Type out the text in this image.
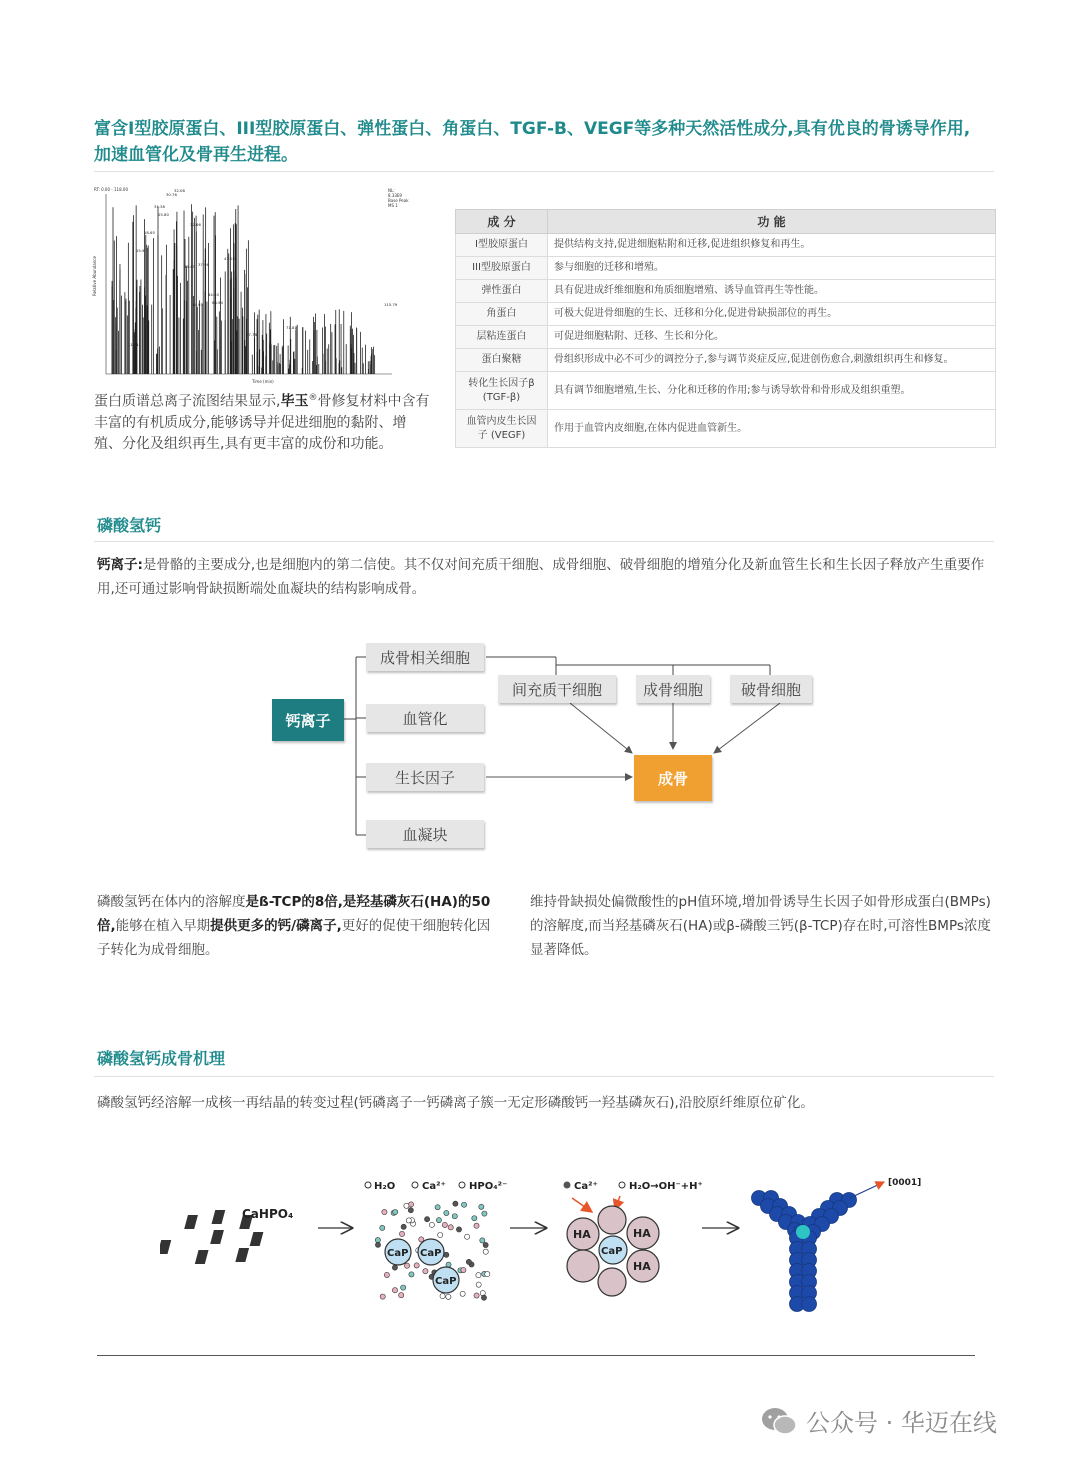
富含Ⅰ型胶原蛋白、III型胶原蛋白、弹性蛋白、角蛋白、TGF-B、VEGF等多种天然活性成分,具有优良的骨诱导作用,
加速血管化及骨再生进程。
RT: 0.00 - 118.00
Relative Abundance
Time (min)
NL:
8.33E9
Base Peak
MS 1
30.76
32.08
31.38
25.80
18.65
15.97
32.66
37.96
35.45
44.40
47.03
68.94
71.87
115.79
34.93
57.78
11.31
蛋白质谱总离子流图结果显示,毕玉®骨修复材料中含有丰富的有机质成分,能够诱导并促进细胞的黏附、增殖、分化及组织再生,具有更丰富的成份和功能。
成 分	功 能
Ⅰ型胶原蛋白	提供结构支持,促进细胞粘附和迁移,促进组织修复和再生。
III型胶原蛋白	参与细胞的迁移和增殖。
弹性蛋白	具有促进成纤维细胞和角质细胞增殖、诱导血管再生等性能。
角蛋白	可极大促进骨细胞的生长、迁移和分化,促进骨缺损部位的再生。
层粘连蛋白	可促进细胞粘附、迁移、生长和分化。
蛋白聚糖	骨组织形成中必不可少的调控分子,参与调节炎症反应,促进创伤愈合,刺激组织再生和修复。
转化生长因子β (TGF-β)	具有调节细胞增殖,生长、分化和迁移的作用;参与诱导软骨和骨形成及组织重塑。
血管内皮生长因子 (VEGF)	作用于血管内皮细胞,在体内促进血管新生。
磷酸氢钙
钙离子:是骨骼的主要成分,也是细胞内的第二信使。其不仅对间充质干细胞、成骨细胞、破骨细胞的增殖分化及新血管生长和生长因子释放产生重要作用,还可通过影响骨缺损断端处血凝块的结构影响成骨。
钙离子
成骨相关细胞
血管化
生长因子
血凝块
间充质干细胞	成骨细胞	破骨细胞
成骨
磷酸氢钙在体内的溶解度是ß-TCP的8倍,是羟基磷灰石(HA)的50倍,能够在植入早期提供更多的钙/磷离子,更好的促使干细胞转化因子转化为成骨细胞。
维持骨缺损处偏微酸性的pH值环境,增加骨诱导生长因子如骨形成蛋白(BMPs)的溶解度,而当羟基磷灰石(HA)或β-磷酸三钙(β-TCP)存在时,可溶性BMPs浓度显著降低。
磷酸氢钙成骨机理
磷酸氢钙经溶解一成核一再结晶的转变过程(钙磷离子一钙磷离子簇一无定形磷酸钙一羟基磷灰石),沿胶原纤维原位矿化。
CaHPO₄
H₂O	Ca²⁺ HPO₄²⁻
CaP CaP
CaP
Ca²⁺	H₂O→OH⁻+H⁺
HA	HA
HA
CaP
[0001]
公众号 · 华迈在线
